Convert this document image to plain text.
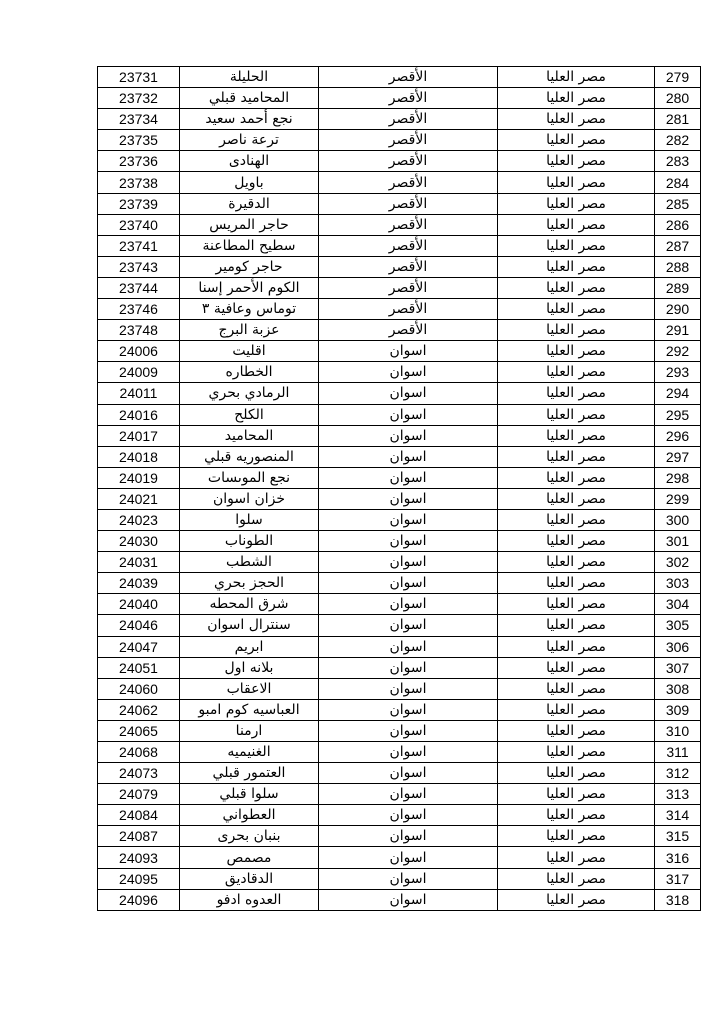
279	مصر العليا	الأقصر	الحليلة	23731
280	مصر العليا	الأقصر	المحاميد قبلي	23732
281	مصر العليا	الأقصر	نجع أحمد سعيد	23734
282	مصر العليا	الأقصر	ترعة ناصر	23735
283	مصر العليا	الأقصر	الهنادى	23736
284	مصر العليا	الأقصر	باويل	23738
285	مصر العليا	الأقصر	الدقيرة	23739
286	مصر العليا	الأقصر	حاجر المريس	23740
287	مصر العليا	الأقصر	سطيح المطاعنة	23741
288	مصر العليا	الأقصر	حاجر كومير	23743
289	مصر العليا	الأقصر	الكوم الأحمر إسنا	23744
290	مصر العليا	الأقصر	توماس وعافية ٣	23746
291	مصر العليا	الأقصر	عزبة البرج	23748
292	مصر العليا	اسوان	اقليت	24006
293	مصر العليا	اسوان	الخطاره	24009
294	مصر العليا	اسوان	الرمادي بحري	24011
295	مصر العليا	اسوان	الكلح	24016
296	مصر العليا	اسوان	المحاميد	24017
297	مصر العليا	اسوان	المنصوريه قبلي	24018
298	مصر العليا	اسوان	نجع الموىسات	24019
299	مصر العليا	اسوان	خزان اسوان	24021
300	مصر العليا	اسوان	سلوا	24023
301	مصر العليا	اسوان	الطوناب	24030
302	مصر العليا	اسوان	الشطب	24031
303	مصر العليا	اسوان	الحجز بحري	24039
304	مصر العليا	اسوان	شرق المحطه	24040
305	مصر العليا	اسوان	سنترال اسوان	24046
306	مصر العليا	اسوان	ابريم	24047
307	مصر العليا	اسوان	بلانه اول	24051
308	مصر العليا	اسوان	الاعقاب	24060
309	مصر العليا	اسوان	العباسيه كوم امبو	24062
310	مصر العليا	اسوان	ارمنا	24065
311	مصر العليا	اسوان	الغنيميه	24068
312	مصر العليا	اسوان	العتمور قبلي	24073
313	مصر العليا	اسوان	سلوا قبلي	24079
314	مصر العليا	اسوان	العطواني	24084
315	مصر العليا	اسوان	بنبان بحرى	24087
316	مصر العليا	اسوان	مصمص	24093
317	مصر العليا	اسوان	الدقاديق	24095
318	مصر العليا	اسوان	العدوه ادفو	24096
